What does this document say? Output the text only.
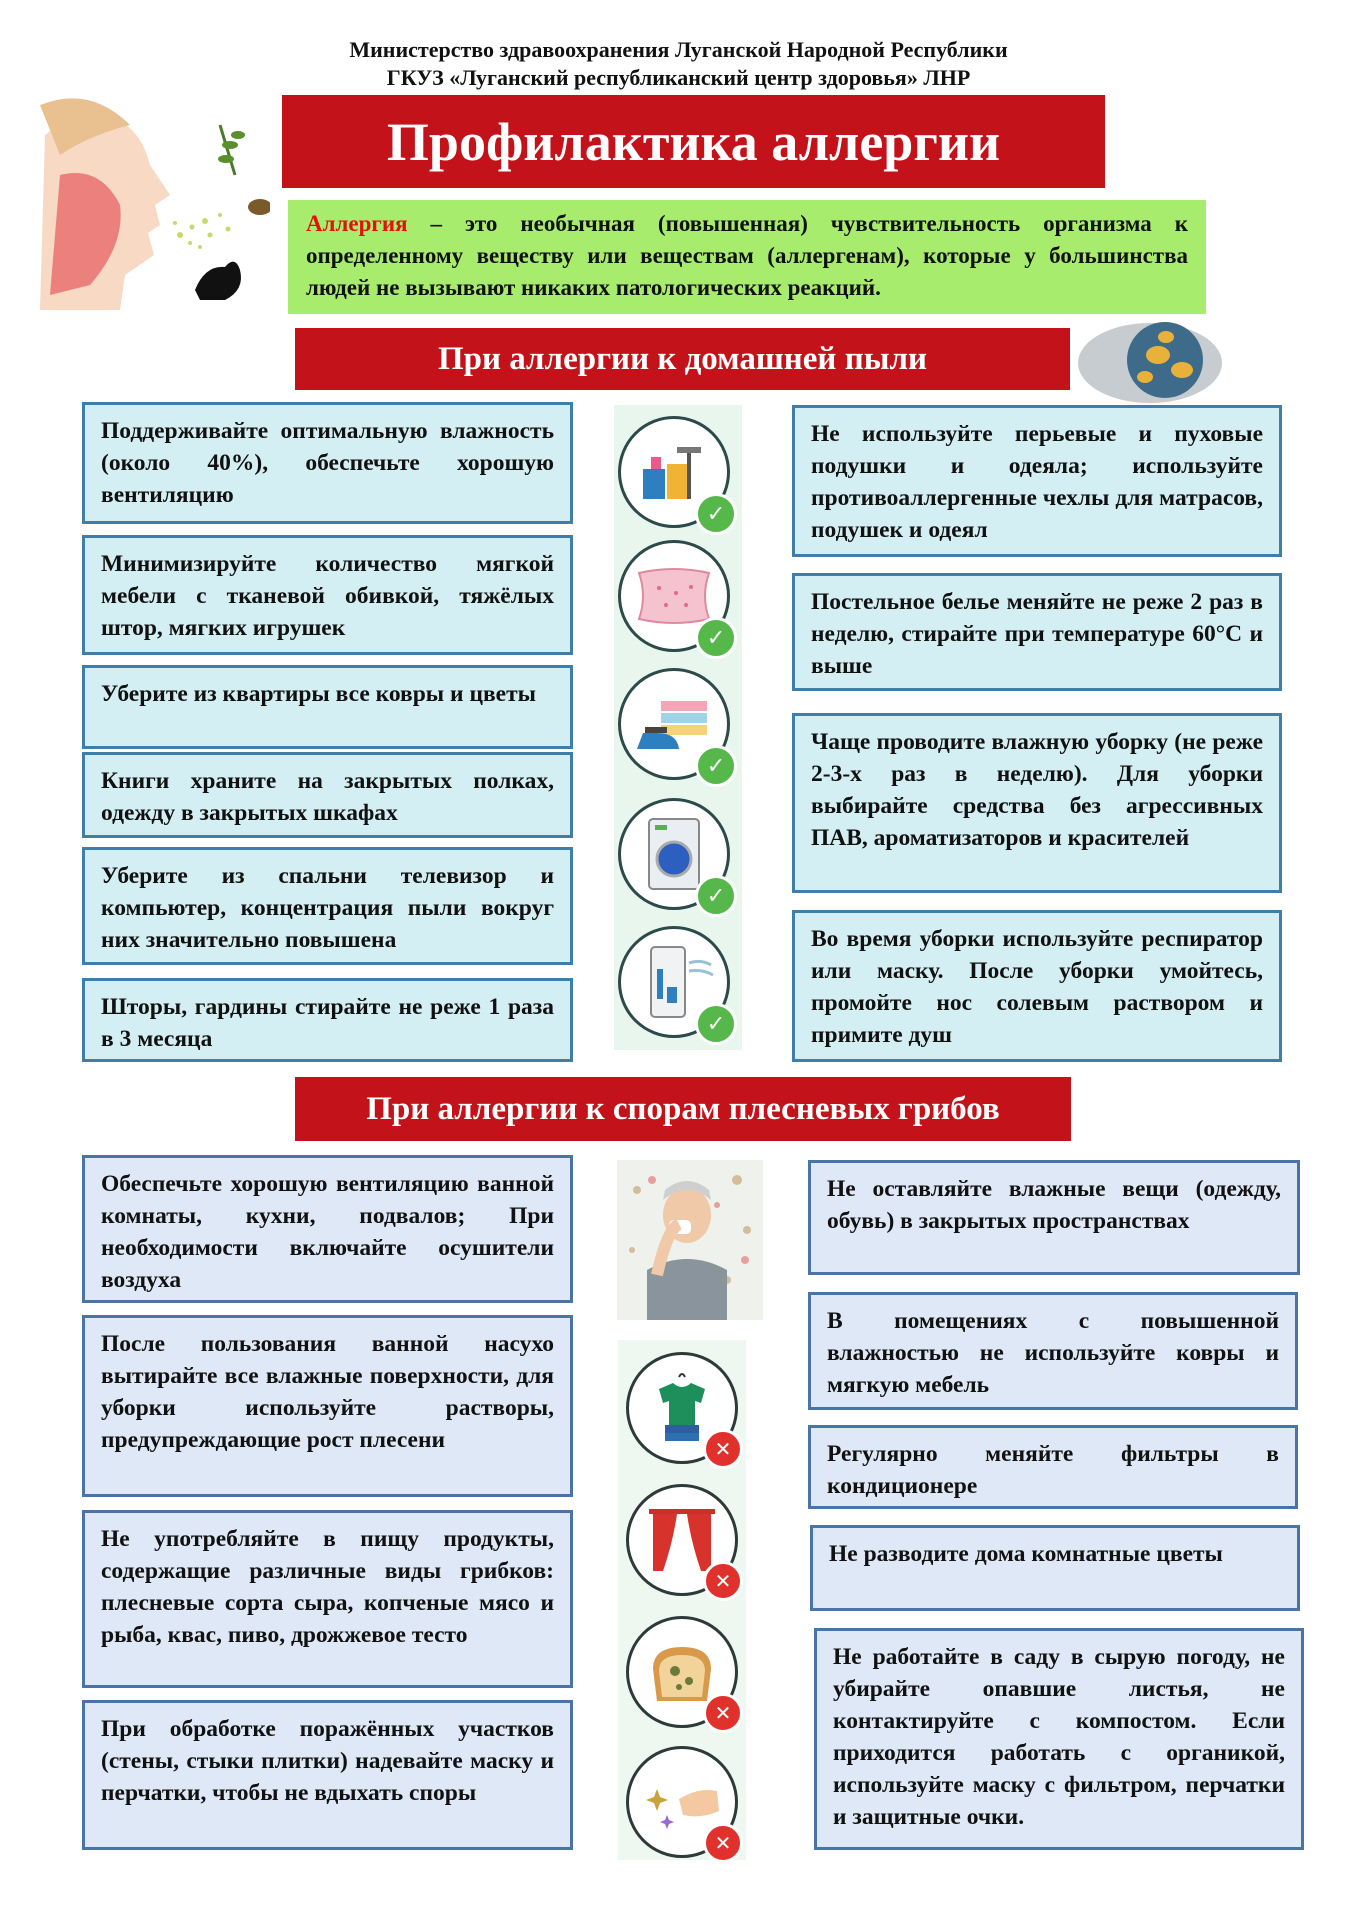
Министерство здравоохранения Луганской Народной Республики
ГКУЗ «Луганский республиканский центр здоровья» ЛНР
Профилактика аллергии
Аллергия – это необычная (повышенная) чувствительность организма к определенному веществу или веществам (аллергенам), которые у большинства людей не вызывают никаких патологических реакций.
При аллергии к домашней пыли
✓
✓
✓
✓
✓
Поддерживайте оптимальную влажность (около 40%), обеспечьте хорошую вентиляцию
Минимизируйте количество мягкой мебели с тканевой обивкой, тяжёлых штор, мягких игрушек
Уберите из квартиры все ковры и цветы
Книги храните на закрытых полках, одежду в закрытых шкафах
Уберите из спальни телевизор и компьютер, концентрация пыли вокруг них значительно повышена
Шторы, гардины стирайте не реже 1 раза в 3 месяца
Не используйте перьевые и пуховые подушки и одеяла; используйте противоаллергенные чехлы для матрасов, подушек и одеял
Постельное белье меняйте не реже 2 раз в неделю, стирайте при температуре 60°С и выше
Чаще проводите влажную уборку (не реже 2-3-х раз в неделю). Для уборки выбирайте средства без агрессивных ПАВ, ароматизаторов и красителей
Во время уборки используйте респиратор или маску. После уборки умойтесь, промойте нос солевым раствором и примите душ
При аллергии к спорам плесневых грибов
✕
✕
✕
✕
Обеспечьте хорошую вентиляцию ванной комнаты, кухни, подвалов; При необходимости включайте осушители воздуха
После пользования ванной насухо вытирайте все влажные поверхности, для уборки используйте растворы, предупреждающие рост плесени
Не употребляйте в пищу продукты, содержащие различные виды грибков: плесневые сорта сыра, копченые мясо и рыба, квас, пиво, дрожжевое тесто
При обработке поражённых участков (стены, стыки плитки) надевайте маску и перчатки, чтобы не вдыхать споры
Не оставляйте влажные вещи (одежду, обувь) в закрытых пространствах
В помещениях с повышенной влажностью не используйте ковры и мягкую мебель
Регулярно меняйте фильтры в кондиционере
Не разводите дома комнатные цветы
Не работайте в саду в сырую погоду, не убирайте опавшие листья, не контактируйте с компостом. Если приходится работать с органикой, используйте маску с фильтром, перчатки и защитные очки.
